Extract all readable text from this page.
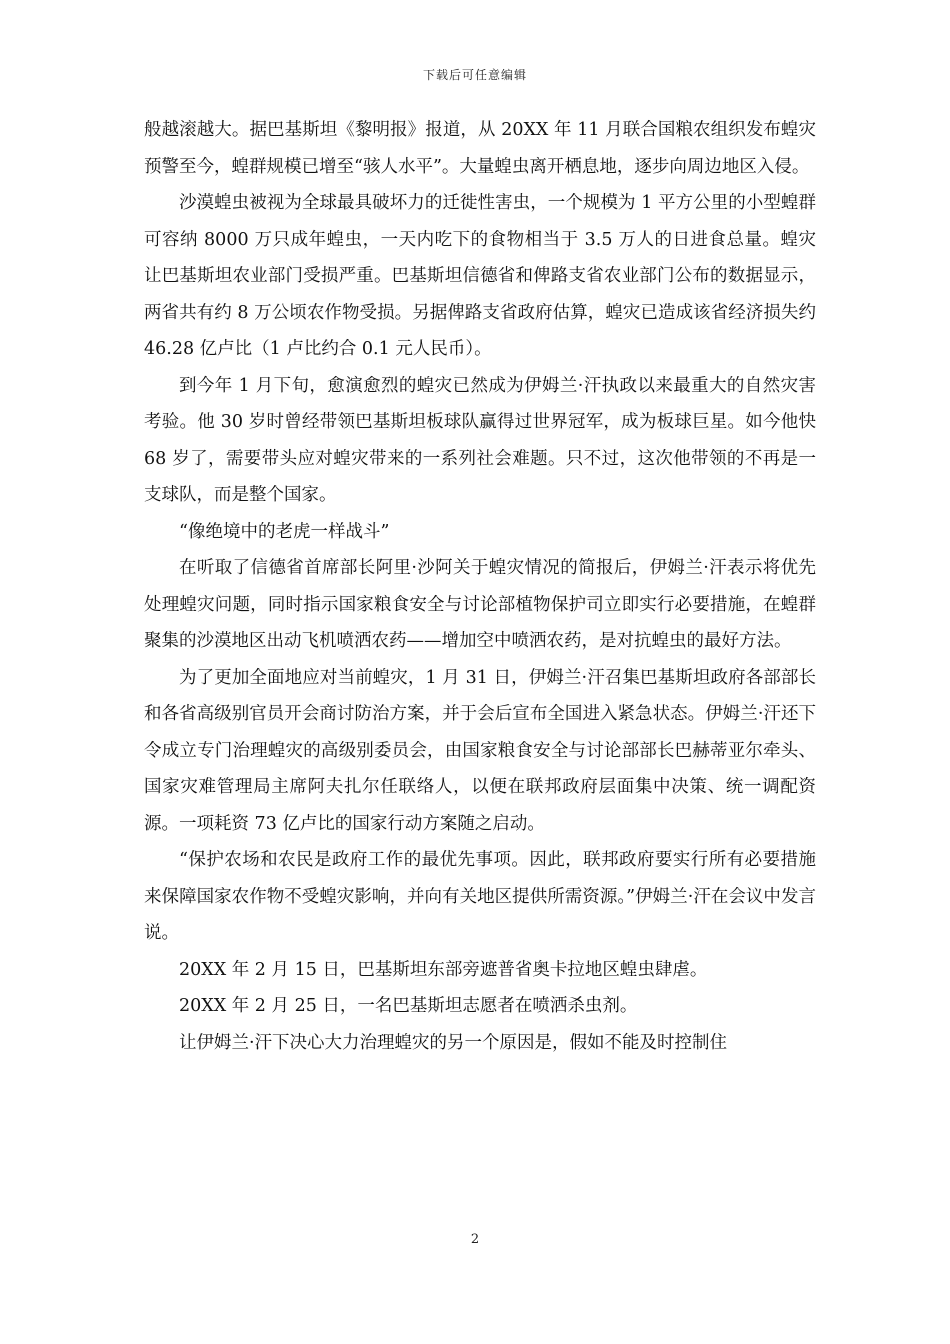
下载后可任意编辑

般越滚越大。据巴基斯坦《黎明报》报道，从 20XX 年 11 月联合国粮农组织发布蝗灾预警至今，蝗群规模已增至“骇人水平”。大量蝗虫离开栖息地，逐步向周边地区入侵。

沙漠蝗虫被视为全球最具破坏力的迁徙性害虫，一个规模为 1 平方公里的小型蝗群可容纳 8000 万只成年蝗虫，一天内吃下的食物相当于 3.5 万人的日进食总量。蝗灾让巴基斯坦农业部门受损严重。巴基斯坦信德省和俾路支省农业部门公布的数据显示，两省共有约 8 万公顷农作物受损。另据俾路支省政府估算，蝗灾已造成该省经济损失约 46.28 亿卢比（1 卢比约合 0.1 元人民币）。

到今年 1 月下旬，愈演愈烈的蝗灾已然成为伊姆兰·汗执政以来最重大的自然灾害考验。他 30 岁时曾经带领巴基斯坦板球队赢得过世界冠军，成为板球巨星。如今他快 68 岁了，需要带头应对蝗灾带来的一系列社会难题。只不过，这次他带领的不再是一支球队，而是整个国家。

“像绝境中的老虎一样战斗”

在听取了信德省首席部长阿里·沙阿关于蝗灾情况的简报后，伊姆兰·汗表示将优先处理蝗灾问题，同时指示国家粮食安全与讨论部植物保护司立即实行必要措施，在蝗群聚集的沙漠地区出动飞机喷洒农药——增加空中喷洒农药，是对抗蝗虫的最好方法。

为了更加全面地应对当前蝗灾，1 月 31 日，伊姆兰·汗召集巴基斯坦政府各部部长和各省高级别官员开会商讨防治方案，并于会后宣布全国进入紧急状态。伊姆兰·汗还下令成立专门治理蝗灾的高级别委员会，由国家粮食安全与讨论部部长巴赫蒂亚尔牵头、国家灾难管理局主席阿夫扎尔任联络人，以便在联邦政府层面集中决策、统一调配资源。一项耗资 73 亿卢比的国家行动方案随之启动。

“保护农场和农民是政府工作的最优先事项。因此，联邦政府要实行所有必要措施来保障国家农作物不受蝗灾影响，并向有关地区提供所需资源。”伊姆兰·汗在会议中发言说。

20XX 年 2 月 15 日，巴基斯坦东部旁遮普省奥卡拉地区蝗虫肆虐。

20XX 年 2 月 25 日，一名巴基斯坦志愿者在喷洒杀虫剂。

让伊姆兰·汗下决心大力治理蝗灾的另一个原因是，假如不能及时控制住

2
